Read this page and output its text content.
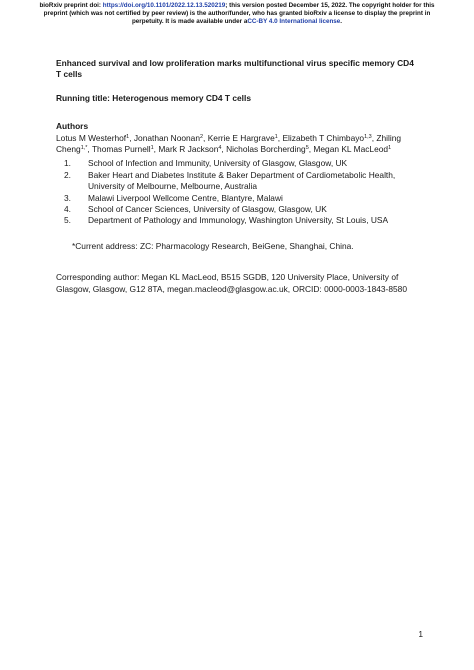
bioRxiv preprint doi: https://doi.org/10.1101/2022.12.13.520219; this version posted December 15, 2022. The copyright holder for this
preprint (which was not certified by peer review) is the author/funder, who has granted bioRxiv a license to display the preprint in
perpetuity. It is made available under aCC-BY 4.0 International license.

Enhanced survival and low proliferation marks multifunctional virus specific memory CD4 T cells

Running title: Heterogenous memory CD4 T cells

Authors

Lotus M Westerhof$^1$, Jonathan Noonan$^2$, Kerrie E Hargrave$^1$, Elizabeth T Chimbayo$^{1,3}$, Zhiling Cheng$^{1,*}$, Thomas Purnell$^1$, Mark R Jackson$^4$, Nicholas Borcherding$^5$, Megan KL MacLeod$^1$

1.	School of Infection and Immunity, University of Glasgow, Glasgow, UK
2.	Baker Heart and Diabetes Institute & Baker Department of Cardiometabolic Health, University of Melbourne, Melbourne, Australia
3.	Malawi Liverpool Wellcome Centre, Blantyre, Malawi
4.	School of Cancer Sciences, University of Glasgow, Glasgow, UK
5.	Department of Pathology and Immunology, Washington University, St Louis, USA

*Current address: ZC: Pharmacology Research, BeiGene, Shanghai, China.

Corresponding author: Megan KL MacLeod, B515 SGDB, 120 University Place, University of Glasgow, Glasgow, G12 8TA, megan.macleod@glasgow.ac.uk, ORCID: 0000-0003-1843-8580

1
